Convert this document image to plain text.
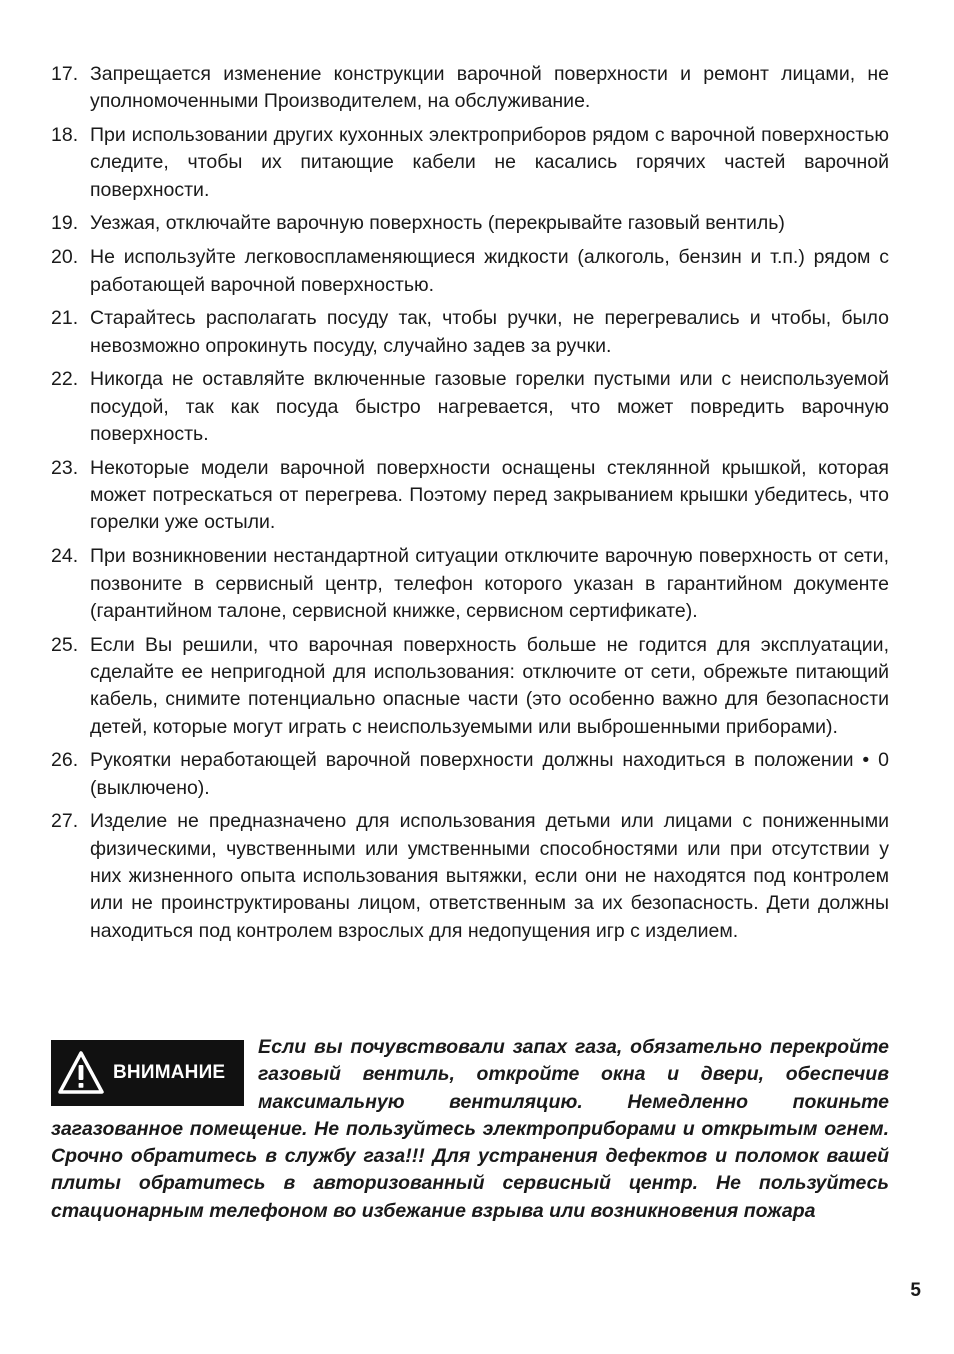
17. Запрещается изменение конструкции варочной поверхности и ремонт лицами, не уполномоченными Производителем, на обслуживание.
18. При использовании других кухонных электроприборов рядом с варочной поверхностью следите, чтобы их питающие кабели не касались горячих частей варочной поверхности.
19. Уезжая, отключайте варочную поверхность (перекрывайте газовый вентиль)
20. Не используйте легковоспламеняющиеся жидкости (алкоголь, бензин и т.п.) рядом с работающей варочной поверхностью.
21. Старайтесь располагать посуду так, чтобы ручки, не перегревались и чтобы, было невозможно опрокинуть посуду, случайно задев за ручки.
22. Никогда не оставляйте включенные газовые горелки пустыми или с неиспользуемой посудой, так как посуда быстро нагревается, что может повредить варочную поверхность.
23. Некоторые модели варочной поверхности оснащены стеклянной крышкой, которая может потрескаться от перегрева. Поэтому перед закрыванием крышки убедитесь, что горелки уже остыли.
24. При возникновении нестандартной ситуации отключите варочную поверхность от сети, позвоните в сервисный центр, телефон которого указан в гарантийном документе (гарантийном талоне, сервисной книжке, сервисном сертификате).
25. Если Вы решили, что варочная поверхность больше не годится для эксплуатации, сделайте ее непригодной для использования: отключите от сети, обрежьте питающий кабель, снимите потенциально опасные части (это особенно важно для безопасности детей, которые могут играть с неиспользуемыми или выброшенными приборами).
26. Рукоятки неработающей варочной поверхности должны находиться в положении • 0 (выключено).
27. Изделие не предназначено для использования детьми или лицами с пониженными физическими, чувственными или умственными способностями или при отсутствии у них жизненного опыта использования вытяжки, если они не находятся под контролем или не проинструктированы лицом, ответственным за их безопасность. Дети должны находиться под контролем взрослых для недопущения игр с изделием.
ВНИМАНИЕ
Если вы почувствовали запах газа, обязательно перекройте газовый вентиль, откройте окна и двери, обеспечив максимальную вентиляцию. Немедленно покиньте загазованное помещение. Не пользуйтесь электроприборами и открытым огнем. Срочно обратитесь в службу газа!!! Для устранения дефектов и поломок вашей плиты обратитесь в авторизованный сервисный центр. Не пользуйтесь стационарным телефоном во избежание взрыва или возникновения пожара
5
